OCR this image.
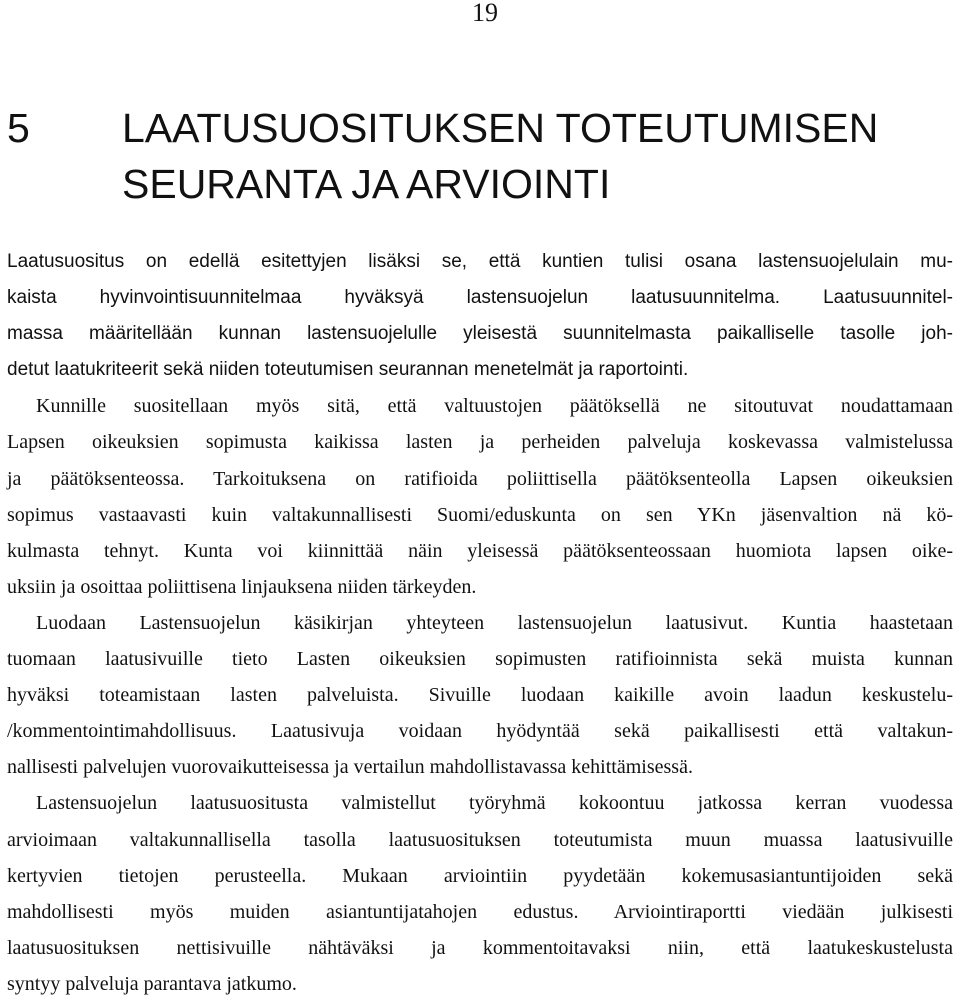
19
5 LAATUSUOSITUKSEN TOTEUTUMISEN
SEURANTA JA ARVIOINTI
Laatusuositus on edellä esitettyjen lisäksi se, että kuntien tulisi osana lastensuojelulain mu-
kaista hyvinvointisuunnitelmaa hyväksyä lastensuojelun laatusuunnitelma. Laatusuunnitel-
massa määritellään kunnan lastensuojelulle yleisestä suunnitelmasta paikalliselle tasolle joh-
detut laatukriteerit sekä niiden toteutumisen seurannan menetelmät ja raportointi.
Kunnille suositellaan myös sitä, että valtuustojen päätöksellä ne sitoutuvat noudattamaan
Lapsen oikeuksien sopimusta kaikissa lasten ja perheiden palveluja koskevassa valmistelussa
ja päätöksenteossa. Tarkoituksena on ratifioida poliittisella päätöksenteolla Lapsen oikeuksien
sopimus vastaavasti kuin valtakunnallisesti Suomi/eduskunta on sen YKn jäsenvaltion nä kö-
kulmasta tehnyt. Kunta voi kiinnittää näin yleisessä päätöksenteossaan huomiota lapsen oike-
uksiin ja osoittaa poliittisena linjauksena niiden tärkeyden.
Luodaan Lastensuojelun käsikirjan yhteyteen lastensuojelun laatusivut. Kuntia haastetaan
tuomaan laatusivuille tieto Lasten oikeuksien sopimusten ratifioinnista sekä muista kunnan
hyväksi toteamistaan lasten palveluista. Sivuille luodaan kaikille avoin laadun keskustelu-
/kommentointimahdollisuus. Laatusivuja voidaan hyödyntää sekä paikallisesti että valtakun-
nallisesti palvelujen vuorovaikutteisessa ja vertailun mahdollistavassa kehittämisessä.
Lastensuojelun laatusuositusta valmistellut työryhmä kokoontuu jatkossa kerran vuodessa
arvioimaan valtakunnallisella tasolla laatusuosituksen toteutumista muun muassa laatusivuille
kertyvien tietojen perusteella. Mukaan arviointiin pyydetään kokemusasiantuntijoiden sekä
mahdollisesti myös muiden asiantuntijatahojen edustus. Arviointiraportti viedään julkisesti
laatusuosituksen nettisivuille nähtäväksi ja kommentoitavaksi niin, että laatukeskustelusta
syntyy palveluja parantava jatkumo.
